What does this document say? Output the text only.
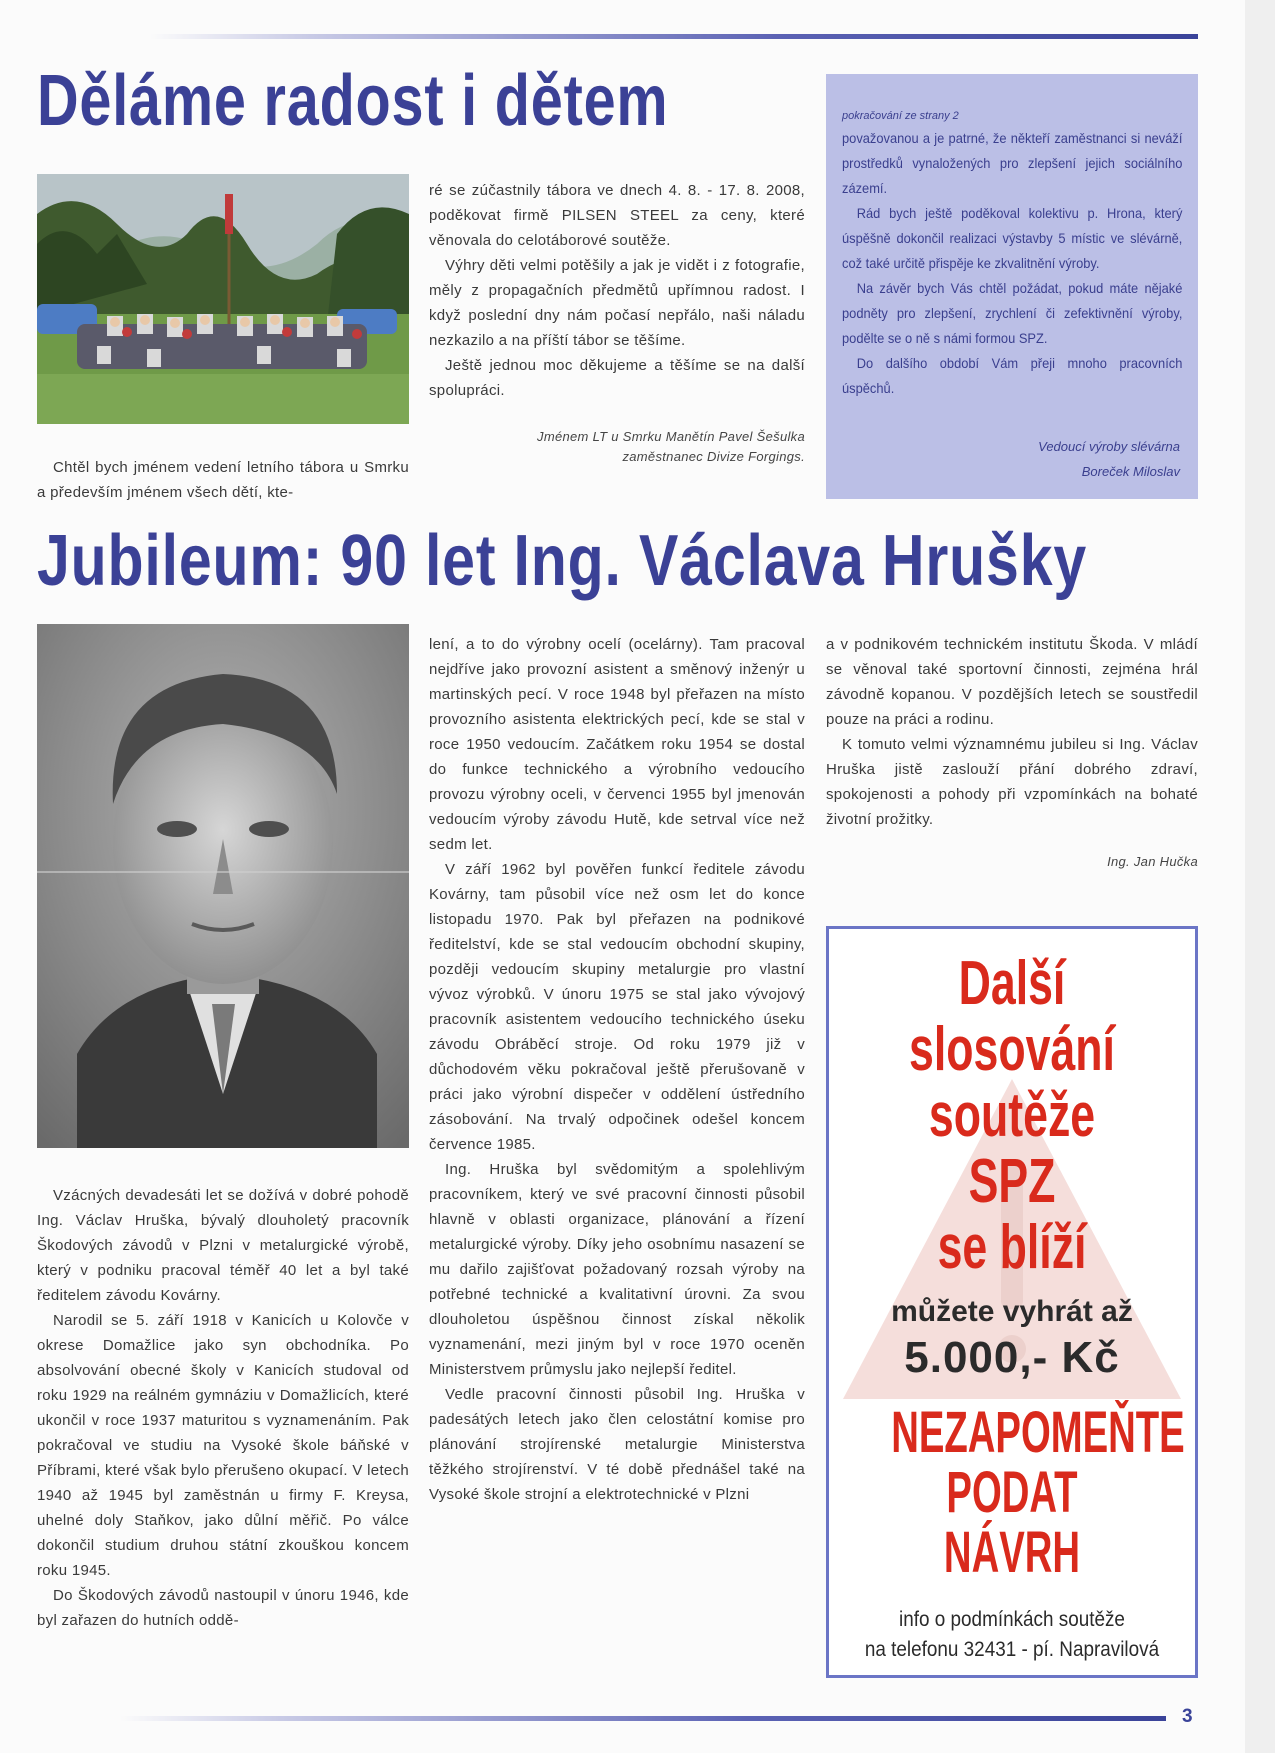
Děláme radost i dětem

Chtěl bych jménem vedení letního tábora u Smrku a především jménem všech dětí, kte-

ré se zúčastnily tábora ve dnech 4. 8. - 17. 8. 2008, poděkovat firmě PILSEN STEEL za ceny, které věnovala do celotáborové soutěže.

Výhry děti velmi potěšily a jak je vidět i z fotografie, měly z propagačních předmětů upřímnou radost. I když poslední dny nám počasí nepřálo, naši náladu nezkazilo a na příští tábor se těšíme.

Ještě jednou moc děkujeme a těšíme se na další spolupráci.

Jménem LT u Smrku Manětín Pavel Šešulka
zaměstnanec Divize Forgings.
pokračování ze strany 2

považovanou a je patrné, že někteří zaměstnanci si neváží prostředků vynaložených pro zlepšení jejich sociálního zázemí.

Rád bych ještě poděkoval kolektivu p. Hrona, který úspěšně dokončil realizaci výstavby 5 místic ve slévárně, což také určitě přispěje ke zkvalitnění výroby.

Na závěr bych Vás chtěl požádat, pokud máte nějaké podněty pro zlepšení, zrychlení či zefektivnění výroby, podělte se o ně s námi formou SPZ.

Do dalšího období Vám přeji mnoho pracovních úspěchů.

Vedoucí výroby slévárna
Boreček Miloslav
Jubileum: 90 let Ing. Václava Hrušky

Vzácných devadesáti let se dožívá v dobré pohodě Ing. Václav Hruška, bývalý dlouholetý pracovník Škodových závodů v Plzni v metalurgické výrobě, který v podniku pracoval téměř 40 let a byl také ředitelem závodu Kovárny.

Narodil se 5. září 1918 v Kanicích u Kolovče v okrese Domažlice jako syn obchodníka. Po absolvování obecné školy v Kanicích studoval od roku 1929 na reálném gymnáziu v Domažlicích, které ukončil v roce 1937 maturitou s vyznamenáním. Pak pokračoval ve studiu na Vysoké škole báňské v Příbrami, které však bylo přerušeno okupací. V letech 1940 až 1945 byl zaměstnán u firmy F. Kreysa, uhelné doly Staňkov, jako důlní měřič. Po válce dokončil studium druhou státní zkouškou koncem roku 1945.

Do Škodových závodů nastoupil v únoru 1946, kde byl zařazen do hutních oddě-

lení, a to do výrobny ocelí (ocelárny). Tam pracoval nejdříve jako provozní asistent a směnový inženýr u martinských pecí. V roce 1948 byl přeřazen na místo provozního asistenta elektrických pecí, kde se stal v roce 1950 vedoucím. Začátkem roku 1954 se dostal do funkce technického a výrobního vedoucího provozu výrobny oceli, v červenci 1955 byl jmenován vedoucím výroby závodu Hutě, kde setrval více než sedm let.

V září 1962 byl pověřen funkcí ředitele závodu Kovárny, tam působil více než osm let do konce listopadu 1970. Pak byl přeřazen na podnikové ředitelství, kde se stal vedoucím obchodní skupiny, později vedoucím skupiny metalurgie pro vlastní vývoz výrobků. V únoru 1975 se stal jako vývojový pracovník asistentem vedoucího technického úseku závodu Obráběcí stroje. Od roku 1979 již v důchodovém věku pokračoval ještě přerušovaně v práci jako výrobní dispečer v oddělení ústředního zásobování. Na trvalý odpočinek odešel koncem července 1985.

Ing. Hruška byl svědomitým a spolehlivým pracovníkem, který ve své pracovní činnosti působil hlavně v oblasti organizace, plánování a řízení metalurgické výroby. Díky jeho osobnímu nasazení se mu dařilo zajišťovat požadovaný rozsah výroby na potřebné technické a kvalitativní úrovni. Za svou dlouholetou úspěšnou činnost získal několik vyznamenání, mezi jiným byl v roce 1970 oceněn Ministerstvem průmyslu jako nejlepší ředitel.

Vedle pracovní činnosti působil Ing. Hruška v padesátých letech jako člen celostátní komise pro plánování strojírenské metalurgie Ministerstva těžkého strojírenství. V té době přednášel také na Vysoké škole strojní a elektrotechnické v Plzni

a v podnikovém technickém institutu Škoda. V mládí se věnoval také sportovní činnosti, zejména hrál závodně kopanou. V pozdějších letech se soustředil pouze na práci a rodinu.

K tomuto velmi významnému jubileu si Ing. Václav Hruška jistě zaslouží přání dobrého zdraví, spokojenosti a pohody při vzpomínkách na bohaté životní prožitky.

Ing. Jan Hučka
Další
slosování
soutěže SPZ
se blíží
můžete vyhrát až
5.000,- Kč
NEZAPOMEŇTE
PODAT
NÁVRH
info o podmínkách soutěže
na telefonu 32431 - pí. Napravilová
3
